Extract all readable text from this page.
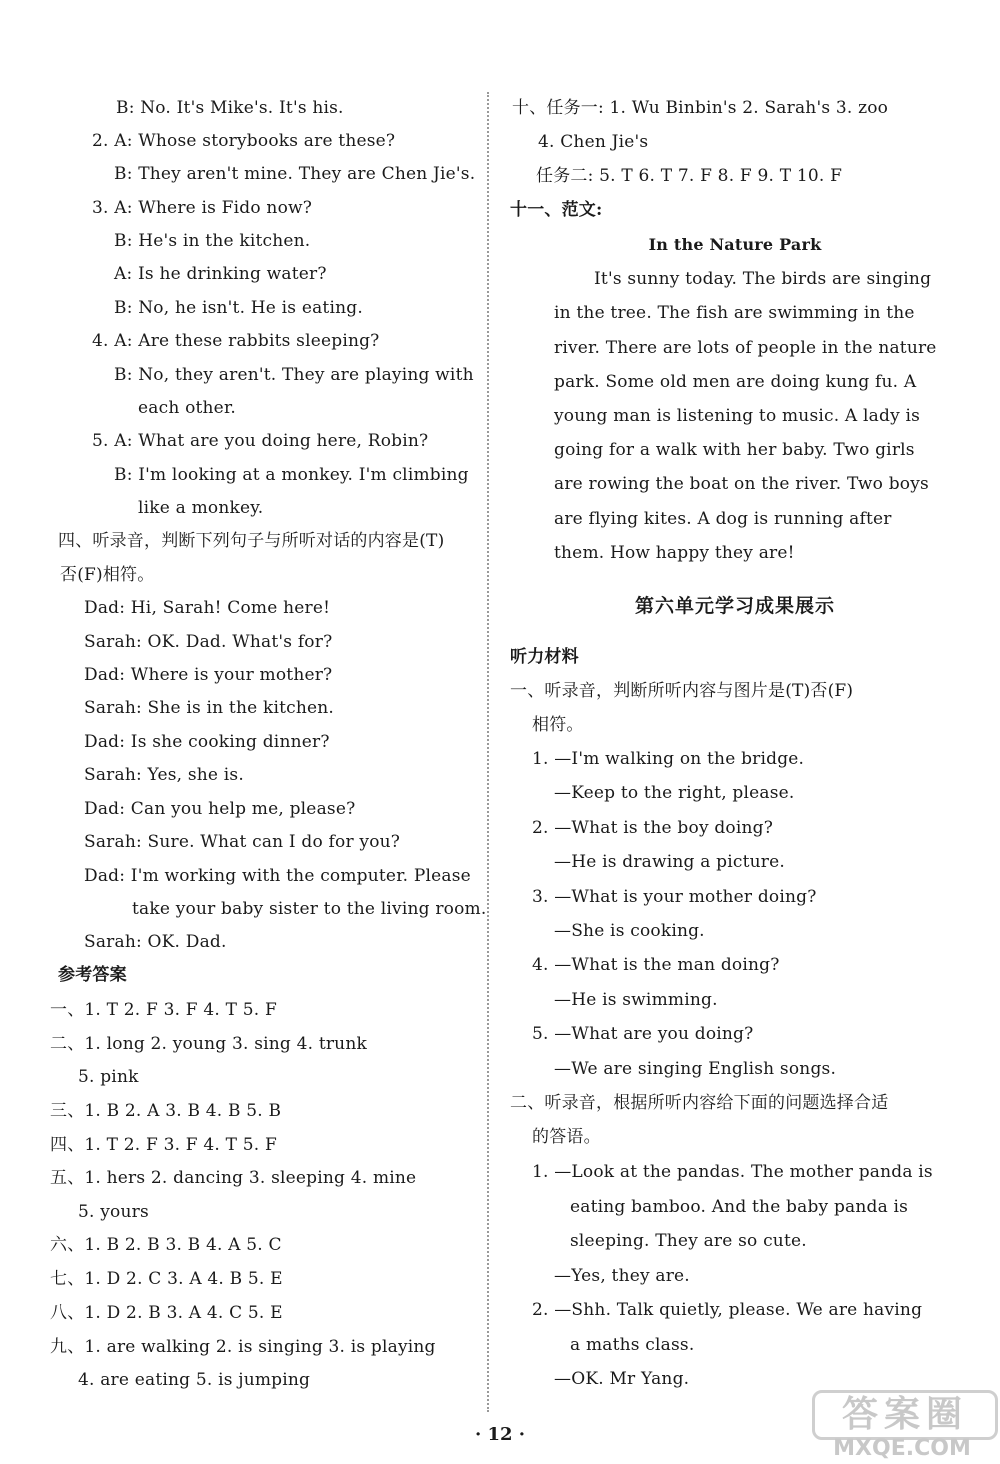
B: No. It's Mike's. It's his.
2. A: Whose storybooks are these?
B: They aren't mine. They are Chen Jie's.
3. A: Where is Fido now?
B: He's in the kitchen.
A: Is he drinking water?
B: No, he isn't. He is eating.
4. A: Are these rabbits sleeping?
B: No, they aren't. They are playing with
each other.
5. A: What are you doing here, Robin?
B: I'm looking at a monkey. I'm climbing
like a monkey.
四、听录音，判断下列句子与所听对话的内容是(T)
否(F)相符。
Dad: Hi, Sarah! Come here!
Sarah: OK. Dad. What's for?
Dad: Where is your mother?
Sarah: She is in the kitchen.
Dad: Is she cooking dinner?
Sarah: Yes, she is.
Dad: Can you help me, please?
Sarah: Sure. What can I do for you?
Dad: I'm working with the computer. Please
take your baby sister to the living room.
Sarah: OK. Dad.
参考答案
一、1. T 2. F 3. F 4. T 5. F
二、1. long 2. young 3. sing 4. trunk
5. pink
三、1. B 2. A 3. B 4. B 5. B
四、1. T 2. F 3. F 4. T 5. F
五、1. hers 2. dancing 3. sleeping 4. mine
5. yours
六、1. B 2. B 3. B 4. A 5. C
七、1. D 2. C 3. A 4. B 5. E
八、1. D 2. B 3. A 4. C 5. E
九、1. are walking 2. is singing 3. is playing
4. are eating 5. is jumping
十、任务一: 1. Wu Binbin's 2. Sarah's 3. zoo
4. Chen Jie's
任务二: 5. T 6. T 7. F 8. F 9. T 10. F
十一、范文:
In the Nature Park
It's sunny today. The birds are singing
in the tree. The fish are swimming in the
river. There are lots of people in the nature
park. Some old men are doing kung fu. A
young man is listening to music. A lady is
going for a walk with her baby. Two girls
are rowing the boat on the river. Two boys
are flying kites. A dog is running after
them. How happy they are!
第六单元学习成果展示
听力材料
一、听录音，判断所听内容与图片是(T)否(F)
相符。
1. —I'm walking on the bridge.
—Keep to the right, please.
2. —What is the boy doing?
—He is drawing a picture.
3. —What is your mother doing?
—She is cooking.
4. —What is the man doing?
—He is swimming.
5. —What are you doing?
—We are singing English songs.
二、听录音，根据所听内容给下面的问题选择合适
的答语。
1. —Look at the pandas. The mother panda is
eating bamboo. And the baby panda is
sleeping. They are so cute.
—Yes, they are.
2. —Shh. Talk quietly, please. We are having
a maths class.
—OK. Mr Yang.
· 12 ·	答案圈
MXQE.COM
